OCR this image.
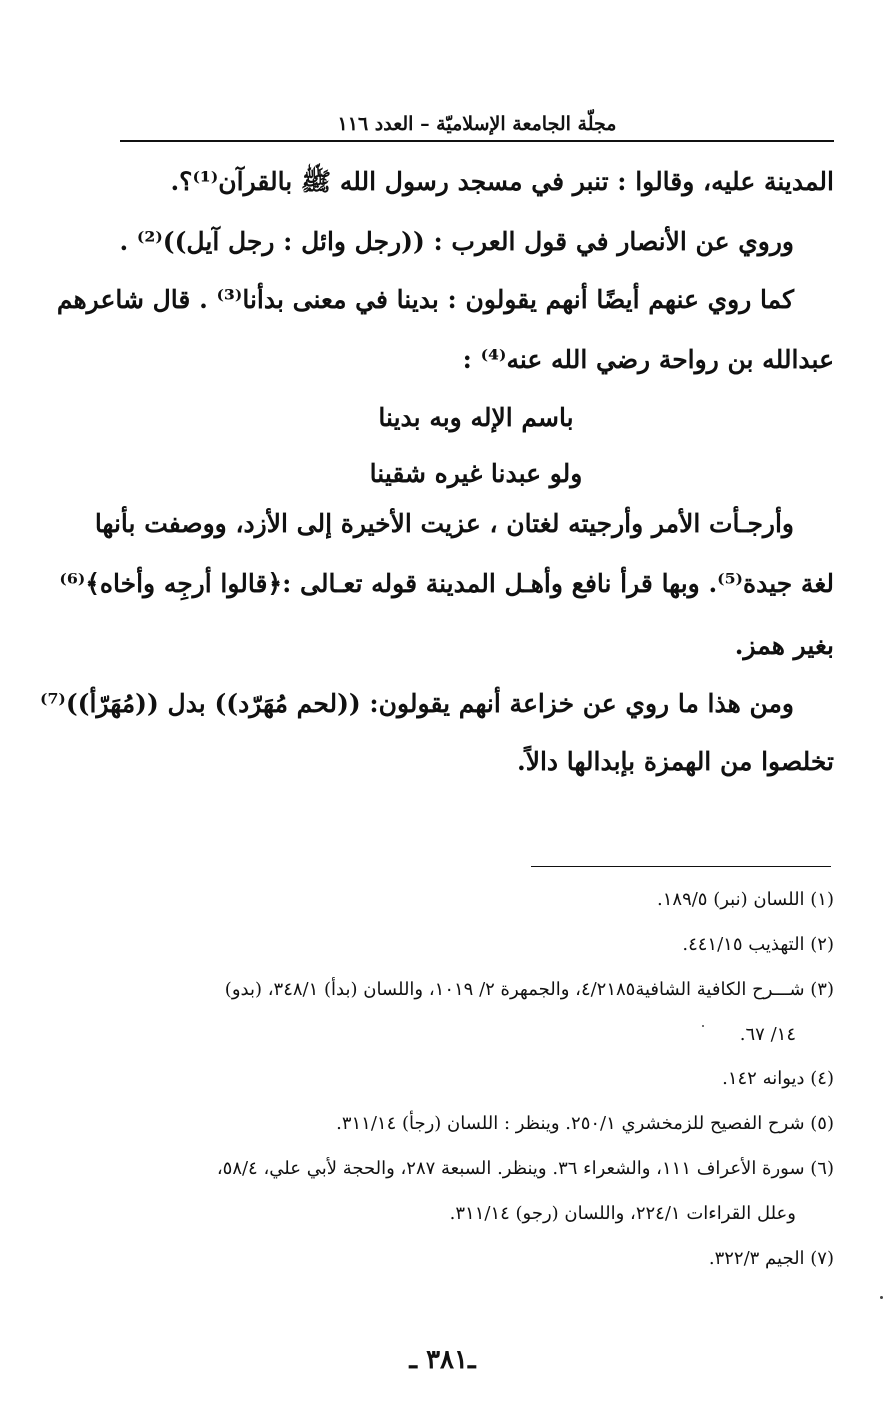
مجلّة الجامعة الإسلاميّة – العدد ١١٦
المدينة عليه، وقالوا : تنبر في مسجد رسول الله ﷺ بالقرآن⁽¹⁾؟.
وروي عن الأنصار في قول العرب : ((رجل وائل : رجل آيل))⁽²⁾ .
كما روي عنهم أيضًا أنهم يقولون : بدينا في معنى بدأنا⁽³⁾ . قال شاعرهم
عبدالله بن رواحة رضي الله عنه⁽⁴⁾ :
باسم الإله وبه بدينا
ولو عبدنا غيره شقينا
وأرجـأت الأمر وأرجيته لغتان ، عزيت الأخيرة إلى الأزد، ووصفت بأنها
لغة جيدة⁽⁵⁾. وبها قرأ نافع وأهـل المدينة قوله تعـالى :﴿قالوا أرجِه وأخاه﴾⁽⁶⁾
بغير همز.
ومن هذا ما روي عن خزاعة أنهم يقولون: ((لحم مُهَرّد)) بدل ((مُهَرّأ))⁽⁷⁾
تخلصوا من الهمزة بإبدالها دالاً.
(١) اللسان (نبر) ١٨٩/٥.
(٢) التهذيب ٤٤١/١٥.
(٣) شـــرح الكافية الشافية٤/٢١٨٥، والجمهرة ٢/ ١٠١٩، واللسان (بدأ) ٣٤٨/١، (بدو)
١٤/ ٦٧.
(٤) ديوانه ١٤٢.
(٥) شرح الفصيح للزمخشري ٢٥٠/١. وينظر : اللسان (رجأ) ٣١١/١٤.
(٦) سورة الأعراف ١١١، والشعراء ٣٦. وينظر. السبعة ٢٨٧، والحجة لأبي علي، ٥٨/٤،
وعلل القراءات ٢٢٤/١، واللسان (رجو) ٣١١/١٤.
(٧) الجيم ٣٢٢/٣.
ـ٣٨١ ـ
